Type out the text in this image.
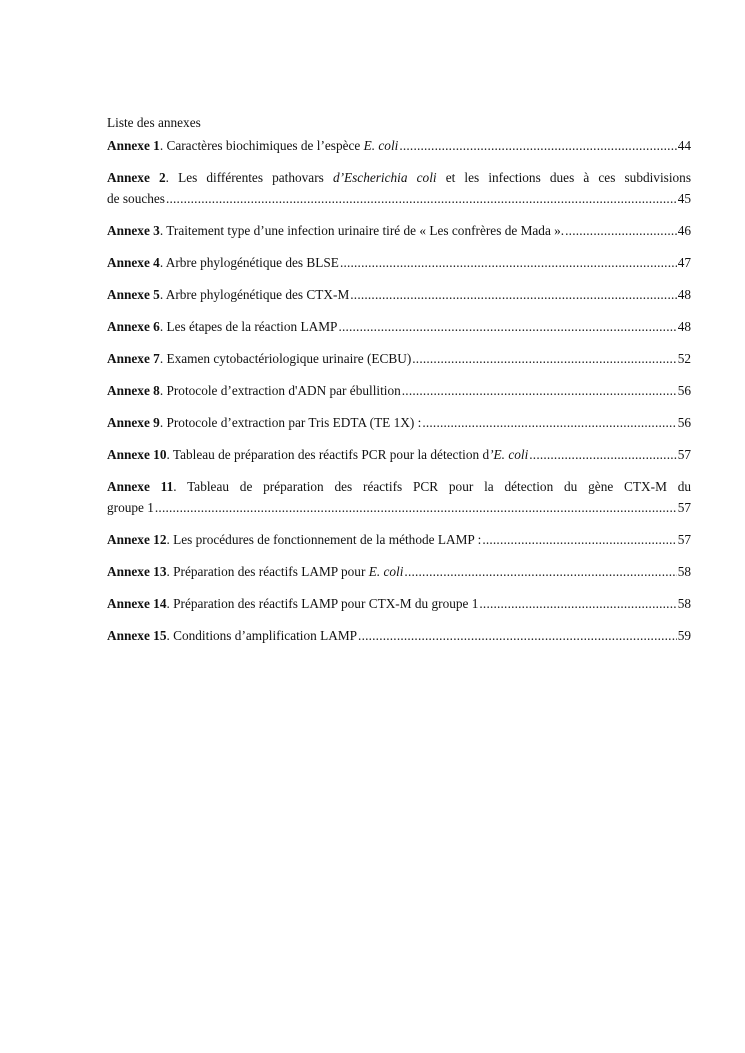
Liste des annexes
Annexe 1. Caractères biochimiques de l’espèce E. coli .....	44
Annexe 2. Les différentes pathovars d’Escherichia coli et les infections dues à ces subdivisions
de souches .....	45
Annexe 3. Traitement type d’une infection urinaire tiré de « Les confrères de Mada ». .....	46
Annexe 4. Arbre phylogénétique des BLSE .....	47
Annexe 5. Arbre phylogénétique des CTX-M .....	48
Annexe 6. Les étapes de la réaction LAMP .....	48
Annexe 7. Examen cytobactériologique urinaire (ECBU) .....	52
Annexe 8. Protocole d’extraction d'ADN par ébullition .....	56
Annexe 9. Protocole d’extraction par Tris EDTA (TE 1X) : .....	56
Annexe 10. Tableau de préparation des réactifs PCR pour la détection d’E. coli .....	57
Annexe 11. Tableau de préparation des réactifs PCR pour la détection du gène CTX-M du
groupe 1 .....	57
Annexe 12. Les procédures de fonctionnement de la méthode LAMP : .....	57
Annexe 13. Préparation des réactifs LAMP pour E. coli .....	58
Annexe 14. Préparation des réactifs LAMP pour CTX-M du groupe 1 .....	58
Annexe 15. Conditions d’amplification LAMP .....	59
